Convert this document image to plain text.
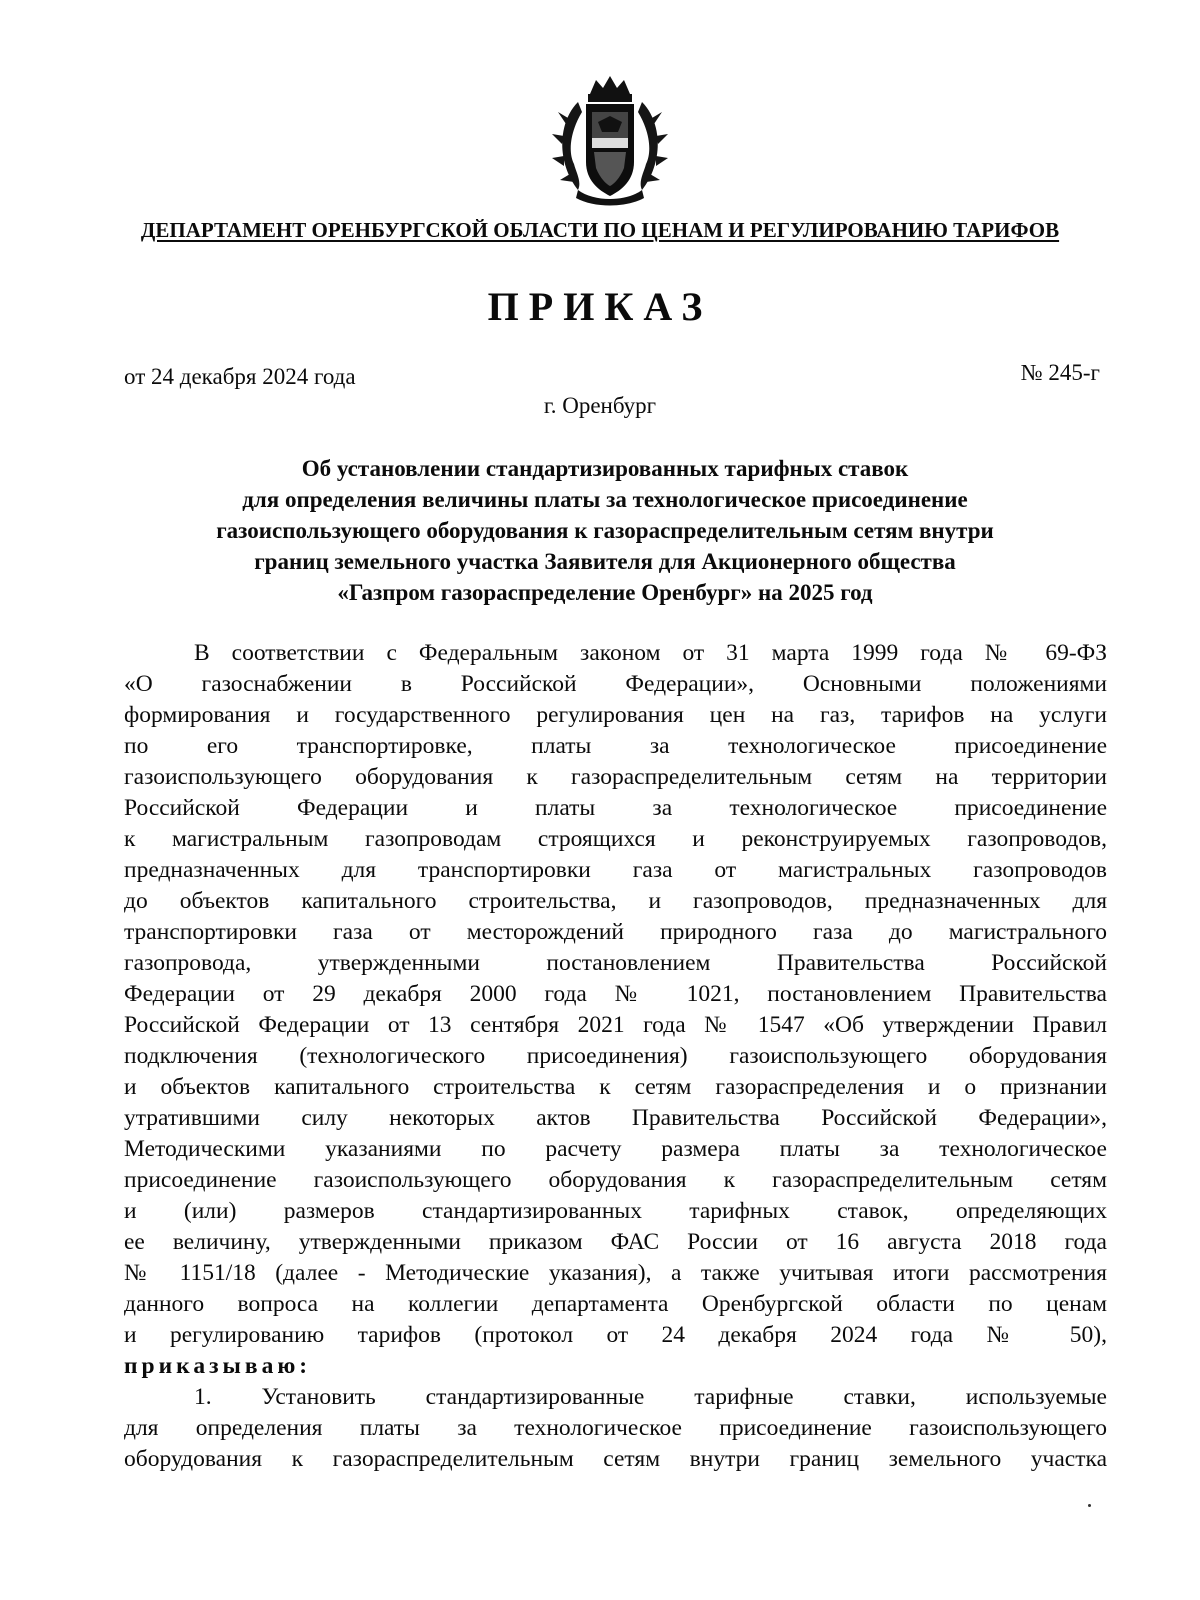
ДЕПАРТАМЕНТ ОРЕНБУРГСКОЙ ОБЛАСТИ ПО ЦЕНАМ И РЕГУЛИРОВАНИЮ ТАРИФОВ
ПРИКАЗ
от 24 декабря 2024 года	№ 245-г
г. Оренбург
Об установлении стандартизированных тарифных ставок
для определения величины платы за технологическое присоединение
газоиспользующего оборудования к газораспределительным сетям внутри
границ земельного участка Заявителя для Акционерного общества
«Газпром газораспределение Оренбург» на 2025 год
В соответствии с Федеральным законом от 31 марта 1999 года № 69-ФЗ
«О газоснабжении в Российской Федерации», Основными положениями
формирования и государственного регулирования цен на газ, тарифов на услуги
по его транспортировке, платы за технологическое присоединение
газоиспользующего оборудования к газораспределительным сетям на территории
Российской Федерации и платы за технологическое присоединение
к магистральным газопроводам строящихся и реконструируемых газопроводов,
предназначенных для транспортировки газа от магистральных газопроводов
до объектов капитального строительства, и газопроводов, предназначенных для
транспортировки газа от месторождений природного газа до магистрального
газопровода, утвержденными постановлением Правительства Российской
Федерации от 29 декабря 2000 года № 1021, постановлением Правительства
Российской Федерации от 13 сентября 2021 года № 1547 «Об утверждении Правил
подключения (технологического присоединения) газоиспользующего оборудования
и объектов капитального строительства к сетям газораспределения и о признании
утратившими силу некоторых актов Правительства Российской Федерации»,
Методическими указаниями по расчету размера платы за технологическое
присоединение газоиспользующего оборудования к газораспределительным сетям
и (или) размеров стандартизированных тарифных ставок, определяющих
ее величину, утвержденными приказом ФАС России от 16 августа 2018 года
№ 1151/18 (далее - Методические указания), а также учитывая итоги рассмотрения
данного вопроса на коллегии департамента Оренбургской области по ценам
и регулированию тарифов (протокол от 24 декабря 2024 года № 50),
приказываю:
1. Установить стандартизированные тарифные ставки, используемые
для определения платы за технологическое присоединение газоиспользующего
оборудования к газораспределительным сетям внутри границ земельного участка
